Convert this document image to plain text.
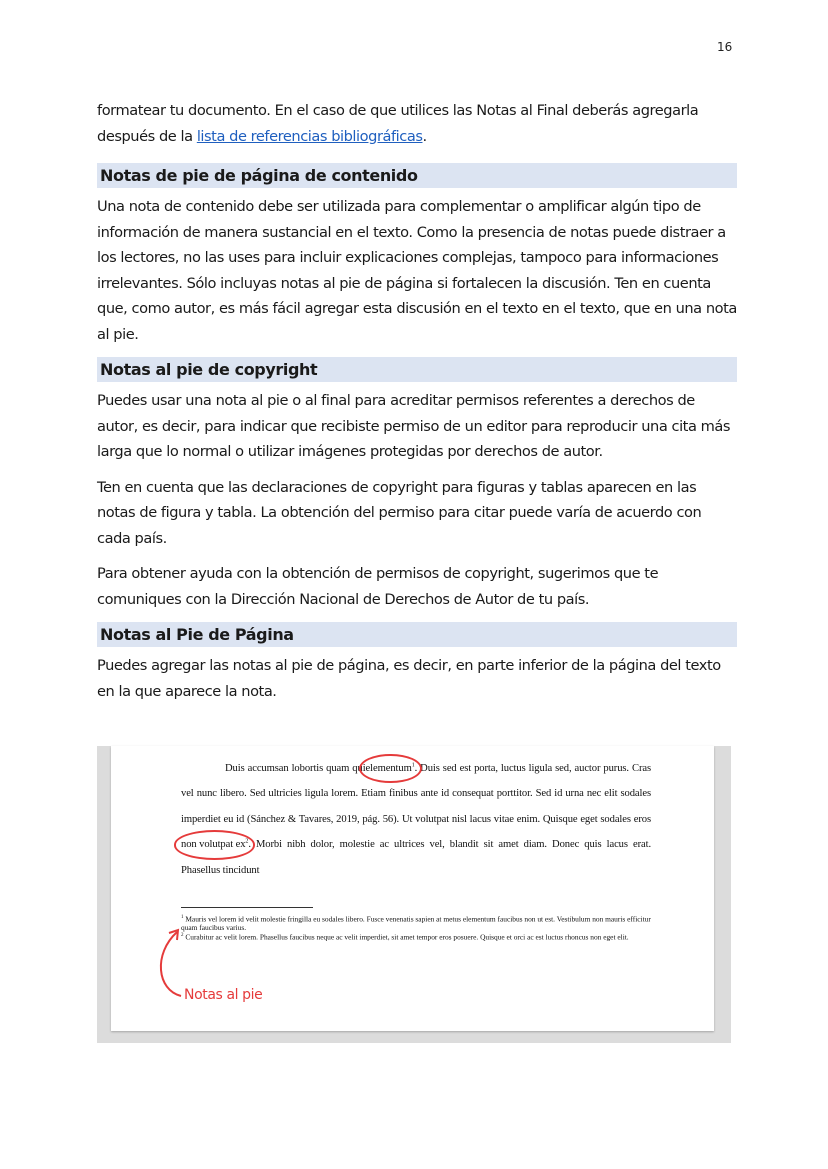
16

formatear tu documento. En el caso de que utilices las Notas al Final deberás agregarla después de la lista de referencias bibliográficas.

Notas de pie de página de contenido

Una nota de contenido debe ser utilizada para complementar o amplificar algún tipo de información de manera sustancial en el texto. Como la presencia de notas puede distraer a los lectores, no las uses para incluir explicaciones complejas, tampoco para informaciones irrelevantes. Sólo incluyas notas al pie de página si fortalecen la discusión. Ten en cuenta que, como autor, es más fácil agregar esta discusión en el texto en el texto, que en una nota al pie.

Notas al pie de copyright

Puedes usar una nota al pie o al final para acreditar permisos referentes a derechos de autor, es decir, para indicar que recibiste permiso de un editor para reproducir una cita más larga que lo normal o utilizar imágenes protegidas por derechos de autor.

Ten en cuenta que las declaraciones de copyright para figuras y tablas aparecen en las notas de figura y tabla. La obtención del permiso para citar puede varía de acuerdo con cada país.

Para obtener ayuda con la obtención de permisos de copyright, sugerimos que te comuniques con la Dirección Nacional de Derechos de Autor de tu país.

Notas al Pie de Página

Puedes agregar las notas al pie de página, es decir, en parte inferior de la página del texto en la que aparece la nota.

Duis accumsan lobortis quam quielementum$^1$. Duis sed est porta, luctus ligula sed, auctor purus. Cras vel nunc libero. Sed ultricies ligula lorem. Etiam finibus ante id consequat porttitor. Sed id urna nec elit sodales imperdiet eu id (Sánchez & Tavares, 2019, pág. 56). Ut volutpat nisl lacus vitae enim. Quisque eget sodales eros non volutpat $ex^2$. Morbi nibh dolor, molestie ac ultrices vel, blandit sit amet diam. Donec quis lacus erat. Phasellus tincidunt

$^1$ Mauris vel lorem id velit molestie fringilla eu sodales libero. Fusce venenatis sapien at metus elementum faucibus non ut est. Vestibulum non mauris efficitur quam faucibus varius.

$^2$ Curabitur ac velit lorem. Phasellus faucibus neque ac velit imperdiet, sit amet tempor eros posuere. Quisque et orci ac est luctus rhoncus non eget elit.

Notas al pie
